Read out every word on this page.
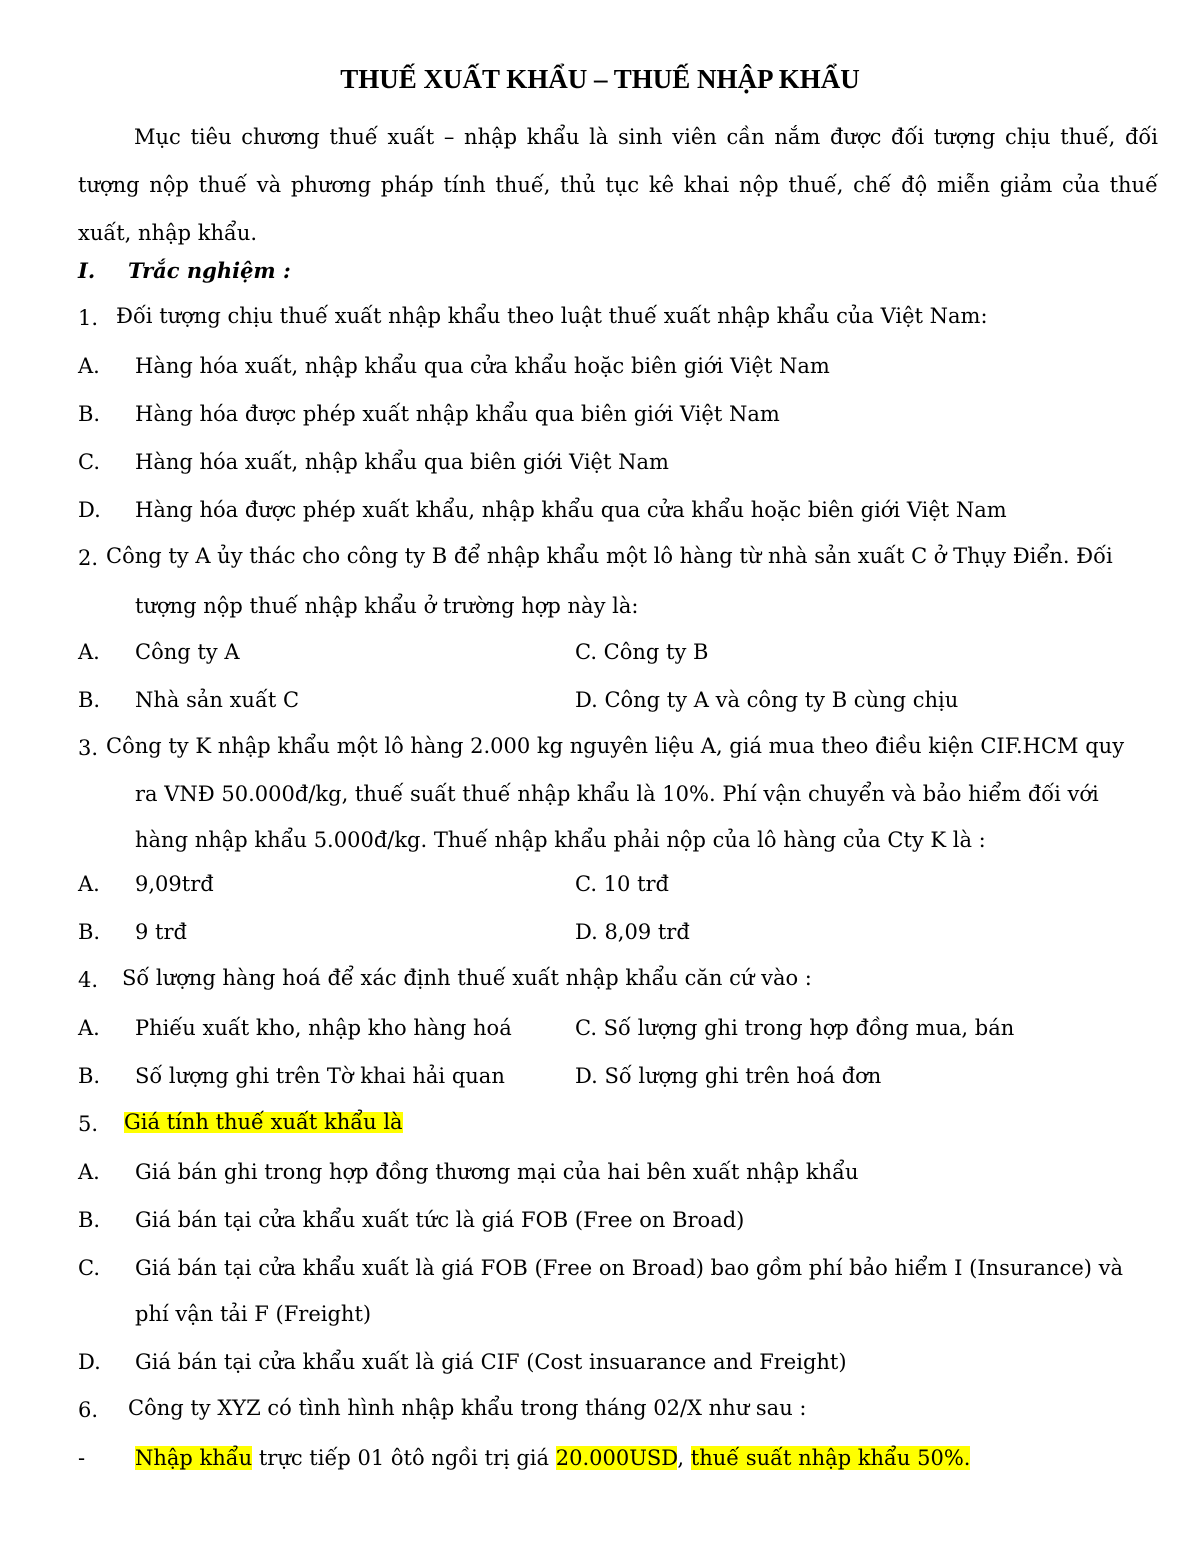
THUẾ XUẤT KHẨU – THUẾ NHẬP KHẨU
Mục tiêu chương thuế xuất – nhập khẩu là sinh viên cần nắm được đối tượng chịu thuế, đối tượng nộp thuế và phương pháp tính thuế, thủ tục kê khai nộp thuế, chế độ miễn giảm của thuế xuất, nhập khẩu.
I. Trắc nghiệm :
1. Đối tượng chịu thuế xuất nhập khẩu theo luật thuế xuất nhập khẩu của Việt Nam:
A. Hàng hóa xuất, nhập khẩu qua cửa khẩu hoặc biên giới Việt Nam
B. Hàng hóa được phép xuất nhập khẩu qua biên giới Việt Nam
C. Hàng hóa xuất, nhập khẩu qua biên giới Việt Nam
D. Hàng hóa được phép xuất khẩu, nhập khẩu qua cửa khẩu hoặc biên giới Việt Nam
2. Công ty A ủy thác cho công ty B để nhập khẩu một lô hàng từ nhà sản xuất C ở Thụy Điển. Đối
tượng nộp thuế nhập khẩu ở trường hợp này là:
A. Công ty A	C. Công ty B
B. Nhà sản xuất C	D. Công ty A và công ty B cùng chịu
3. Công ty K nhập khẩu một lô hàng 2.000 kg nguyên liệu A, giá mua theo điều kiện CIF.HCM quy
ra VNĐ 50.000đ/kg, thuế suất thuế nhập khẩu là 10%. Phí vận chuyển và bảo hiểm đối với
hàng nhập khẩu 5.000đ/kg. Thuế nhập khẩu phải nộp của lô hàng của Cty K là :
A. 9,09trđ	C. 10 trđ
B. 9 trđ	D. 8,09 trđ
4. Số lượng hàng hoá để xác định thuế xuất nhập khẩu căn cứ vào :
A. Phiếu xuất kho, nhập kho hàng hoá	C. Số lượng ghi trong hợp đồng mua, bán
B. Số lượng ghi trên Tờ khai hải quan	D. Số lượng ghi trên hoá đơn
5. Giá tính thuế xuất khẩu là
A. Giá bán ghi trong hợp đồng thương mại của hai bên xuất nhập khẩu
B. Giá bán tại cửa khẩu xuất tức là giá FOB (Free on Broad)
C. Giá bán tại cửa khẩu xuất là giá FOB (Free on Broad) bao gồm phí bảo hiểm I (Insurance) và
phí vận tải F (Freight)
D. Giá bán tại cửa khẩu xuất là giá CIF (Cost insuarance and Freight)
6. Công ty XYZ có tình hình nhập khẩu trong tháng 02/X như sau :
- Nhập khẩu trực tiếp 01 ôtô ngồi trị giá 20.000USD, thuế suất nhập khẩu 50%.
